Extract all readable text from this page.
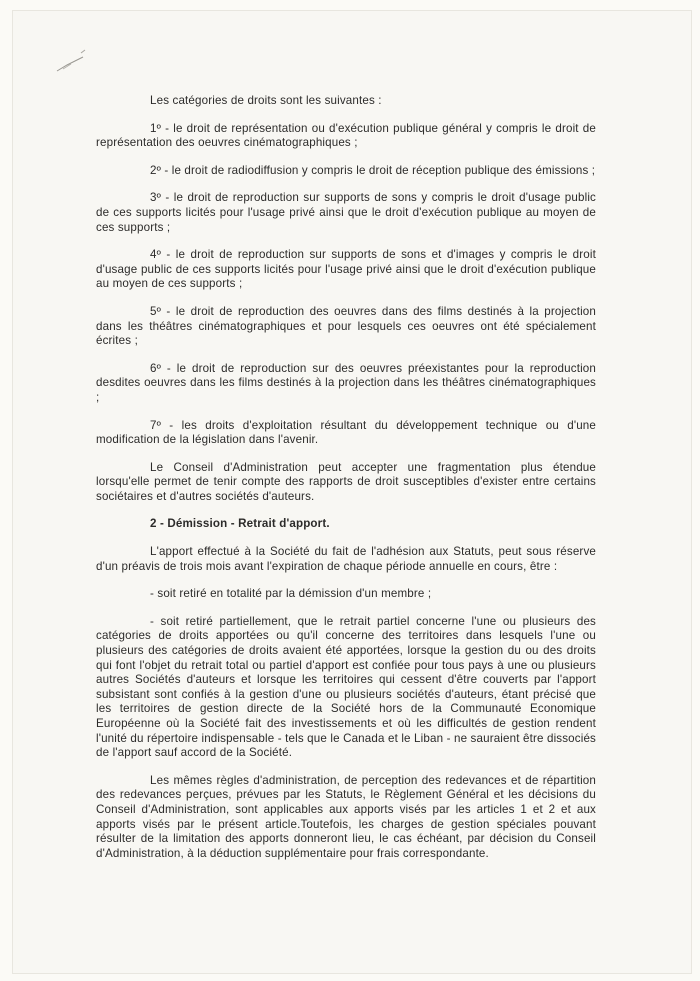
Les catégories de droits sont les suivantes :

1º - le droit de représentation ou d'exécution publique général y compris le droit de représentation des oeuvres cinématographiques ;

2º - le droit de radiodiffusion y compris le droit de réception publique des émissions ;

3º - le droit de reproduction sur supports de sons y compris le droit d'usage public de ces supports licités pour l'usage privé ainsi que le droit d'exécution publique au moyen de ces supports ;

4º - le droit de reproduction sur supports de sons et d'images y compris le droit d'usage public de ces supports licités pour l'usage privé ainsi que le droit d'exécution publique au moyen de ces supports ;

5º - le droit de reproduction des oeuvres dans des films destinés à la projection dans les théâtres cinématographiques et pour lesquels ces oeuvres ont été spécialement écrites ;

6º - le droit de reproduction sur des oeuvres préexistantes pour la reproduction desdites oeuvres dans les films destinés à la projection dans les théâtres cinématographiques ;

7º - les droits d'exploitation résultant du développement technique ou d'une modification de la législation dans l'avenir.

Le Conseil d'Administration peut accepter une fragmentation plus étendue lorsqu'elle permet de tenir compte des rapports de droit susceptibles d'exister entre certains sociétaires et d'autres sociétés d'auteurs.

2 - Démission - Retrait d'apport.

L'apport effectué à la Société du fait de l'adhésion aux Statuts, peut sous réserve d'un préavis de trois mois avant l'expiration de chaque période annuelle en cours, être :

- soit retiré en totalité par la démission d'un membre ;

- soit retiré partiellement, que le retrait partiel concerne l'une ou plusieurs des catégories de droits apportées ou qu'il concerne des territoires dans lesquels l'une ou plusieurs des catégories de droits avaient été apportées, lorsque la gestion du ou des droits qui font l'objet du retrait total ou partiel d'apport est confiée pour tous pays à une ou plusieurs autres Sociétés d'auteurs et lorsque les territoires qui cessent d'être couverts par l'apport subsistant sont confiés à la gestion d'une ou plusieurs sociétés d'auteurs, étant précisé que les territoires de gestion directe de la Société hors de la Communauté Economique Européenne où la Société fait des investissements et où les difficultés de gestion rendent l'unité du répertoire indispensable - tels que le Canada et le Liban - ne sauraient être dissociés de l'apport sauf accord de la Société.

Les mêmes règles d'administration, de perception des redevances et de répartition des redevances perçues, prévues par les Statuts, le Règlement Général et les décisions du Conseil d'Administration, sont applicables aux apports visés par les articles 1 et 2 et aux apports visés par le présent article.Toutefois, les charges de gestion spéciales pouvant résulter de la limitation des apports donneront lieu, le cas échéant, par décision du Conseil d'Administration, à la déduction supplémentaire pour frais correspondante.
